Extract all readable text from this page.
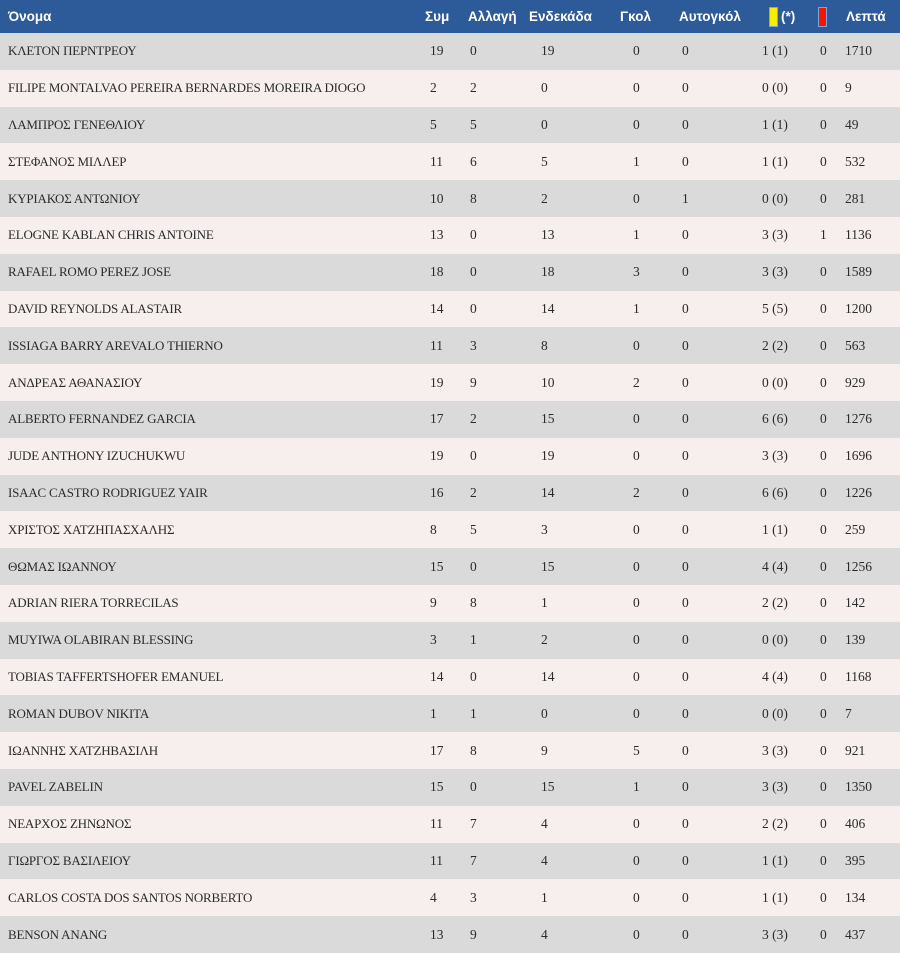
Όνομα	Συμ	Αλλαγή	Ενδεκάδα	Γκολ	Αυτογκόλ	(*)		Λεπτά
ΚΛΕΤΟΝ ΠΕΡΝΤΡΕΟΥ	19	0	19	0	0	1 (1)	0	1710
FILIPE MONTALVAO PEREIRA BERNARDES MOREIRA DIOGO	2	2	0	0	0	0 (0)	0	9
ΛΑΜΠΡΟΣ ΓΕΝΕΘΛΙΟΥ	5	5	0	0	0	1 (1)	0	49
ΣΤΕΦΑΝΟΣ ΜΙΛΛΕΡ	11	6	5	1	0	1 (1)	0	532
ΚΥΡΙΑΚΟΣ ΑΝΤΩΝΙΟΥ	10	8	2	0	1	0 (0)	0	281
ELOGNE KABLAN CHRIS ANTOINE	13	0	13	1	0	3 (3)	1	1136
RAFAEL ROMO PEREZ JOSE	18	0	18	3	0	3 (3)	0	1589
DAVID REYNOLDS ALASTAIR	14	0	14	1	0	5 (5)	0	1200
ISSIAGA BARRY AREVALO THIERNO	11	3	8	0	0	2 (2)	0	563
ΑΝΔΡΕΑΣ ΑΘΑΝΑΣΙΟΥ	19	9	10	2	0	0 (0)	0	929
ALBERTO FERNANDEZ GARCIA	17	2	15	0	0	6 (6)	0	1276
JUDE ANTHONY IZUCHUKWU	19	0	19	0	0	3 (3)	0	1696
ISAAC CASTRO RODRIGUEZ YAIR	16	2	14	2	0	6 (6)	0	1226
ΧΡΙΣΤΟΣ ΧΑΤΖΗΠΑΣΧΑΛΗΣ	8	5	3	0	0	1 (1)	0	259
ΘΩΜΑΣ ΙΩΑΝΝΟΥ	15	0	15	0	0	4 (4)	0	1256
ADRIAN RIERA TORRECILAS	9	8	1	0	0	2 (2)	0	142
MUYIWA OLABIRAN BLESSING	3	1	2	0	0	0 (0)	0	139
TOBIAS TAFFERTSHOFER EMANUEL	14	0	14	0	0	4 (4)	0	1168
ROMAN DUBOV NIKITA	1	1	0	0	0	0 (0)	0	7
ΙΩΑΝΝΗΣ ΧΑΤΖΗΒΑΣΙΛΗ	17	8	9	5	0	3 (3)	0	921
PAVEL ZABELIN	15	0	15	1	0	3 (3)	0	1350
ΝΕΑΡΧΟΣ ΖΗΝΩΝΟΣ	11	7	4	0	0	2 (2)	0	406
ΓΙΩΡΓΟΣ ΒΑΣΙΛΕΙΟΥ	11	7	4	0	0	1 (1)	0	395
CARLOS COSTA DOS SANTOS NORBERTO	4	3	1	0	0	1 (1)	0	134
BENSON ANANG	13	9	4	0	0	3 (3)	0	437
